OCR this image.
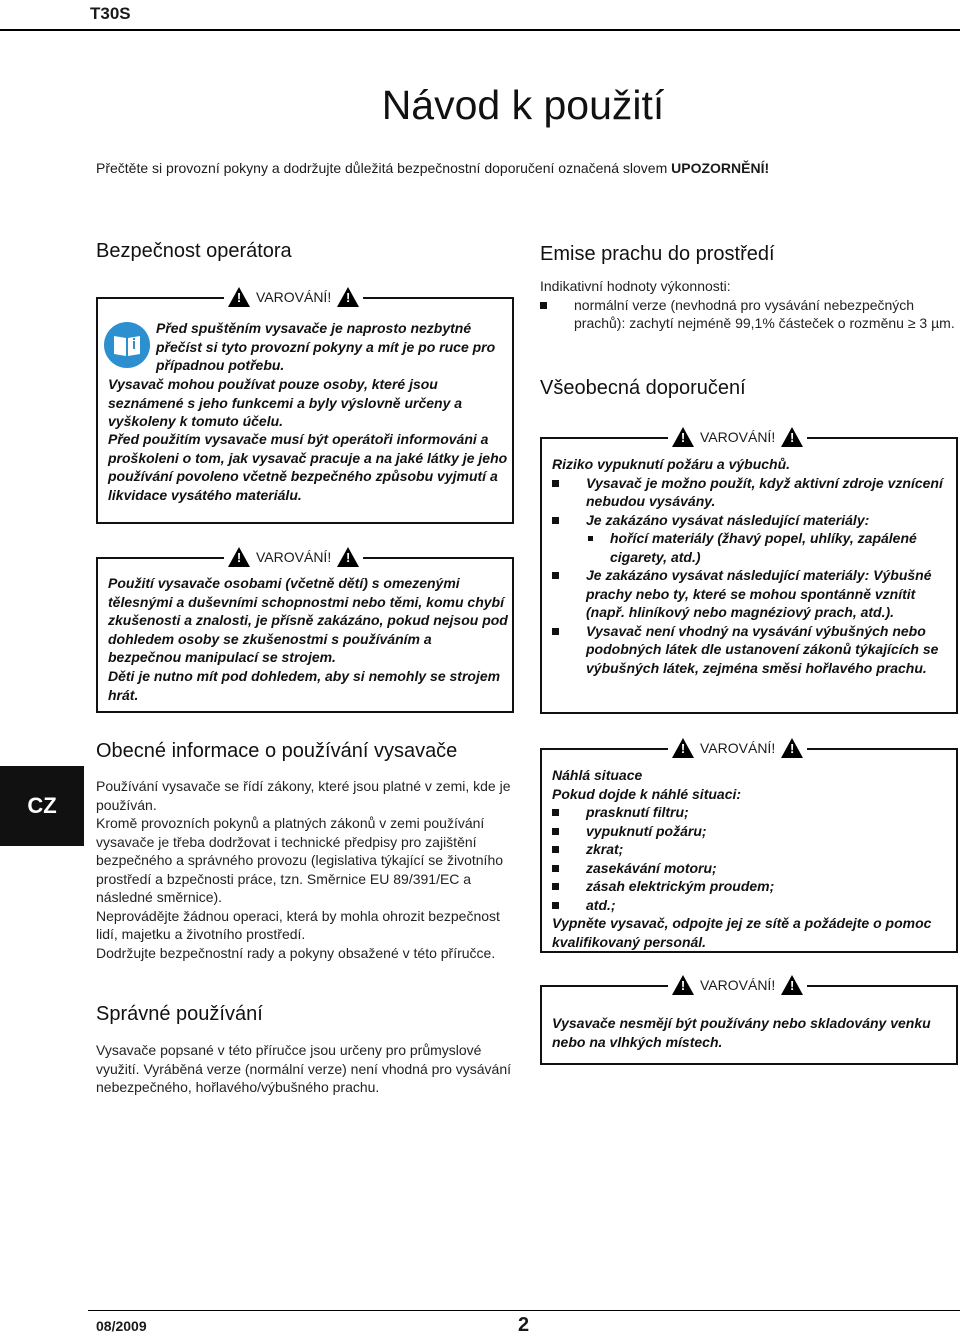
T30S
Návod k použití
Přečtěte si provozní pokyny a dodržujte důležitá bezpečnostní doporučení označená slovem UPOZORNĚNÍ!
CZ
Bezpečnost operátora
! VAROVÁNÍ! !
Před spuštěním vysavače je naprosto nezbytné přečíst si tyto provozní pokyny a mít je po ruce pro případnou potřebu.
Vysavač mohou používat pouze osoby, které jsou seznámené s jeho funkcemi a byly výslovně určeny a vyškoleny k tomuto účelu.
Před použitím vysavače musí být operátoři informováni a proškoleni o tom, jak vysavač pracuje a na jaké látky je jeho používání povoleno včetně bezpečného způsobu vyjmutí a likvidace vysátého materiálu.
! VAROVÁNÍ! !
Použití vysavače osobami (včetně dětí) s omezenými tělesnými a duševními schopnostmi nebo těmi, komu chybí zkušenosti a znalosti, je přísně zakázáno, pokud nejsou pod dohledem osoby se zkušenostmi s používáním a bezpečnou manipulací se strojem.
Děti je nutno mít pod dohledem, aby si nemohly se strojem hrát.
Obecné informace o používání vysavače
Používání vysavače se řídí zákony, které jsou platné v zemi, kde je používán.
Kromě provozních pokynů a platných zákonů v zemi používání vysavače je třeba dodržovat i technické předpisy pro zajištění bezpečného a správného provozu (legislativa týkající se životního prostředí a bzpečnosti práce, tzn. Směrnice EU 89/391/EC a následné směrnice).
Neprovádějte žádnou operaci, která by mohla ohrozit bezpečnost lidí, majetku a životního prostředí.
Dodržujte bezpečnostní rady a pokyny obsažené v této příručce.
Správné používání
Vysavače popsané v této příručce jsou určeny pro průmyslové využití. Vyráběná verze (normální verze) není vhodná pro vysávání nebezpečného, hořlavého/výbušného prachu.
Emise prachu do prostředí
Indikativní hodnoty výkonnosti:
normální verze (nevhodná pro vysávání nebezpečných prachů): zachytí nejméně 99,1% částeček o rozměnu ≥ 3 µm.
Všeobecná doporučení
! VAROVÁNÍ! !
Riziko vypuknutí požáru a výbuchů.
Vysavač je možno použít, když aktivní zdroje vznícení nebudou vysávány.
Je zakázáno vysávat následující materiály:
hořící materiály (žhavý popel, uhlíky, zapálené cigarety, atd.)
Je zakázáno vysávat následující materiály: Výbušné prachy nebo ty, které se mohou spontánně vznítit (např. hliníkový nebo magnéziový prach, atd.).
Vysavač není vhodný na vysávání výbušných nebo podobných látek dle ustanovení zákonů týkajících se výbušných látek, zejména směsi hořlavého prachu.
! VAROVÁNÍ! !
Náhlá situace
Pokud dojde k náhlé situaci:
prasknutí filtru;
vypuknutí požáru;
zkrat;
zasekávání motoru;
zásah elektrickým proudem;
atd.;
Vypněte vysavač, odpojte jej ze sítě a požádejte o pomoc kvalifikovaný personál.
! VAROVÁNÍ! !
Vysavače nesmějí být používány nebo skladovány venku nebo na vlhkých místech.
08/2009	2
